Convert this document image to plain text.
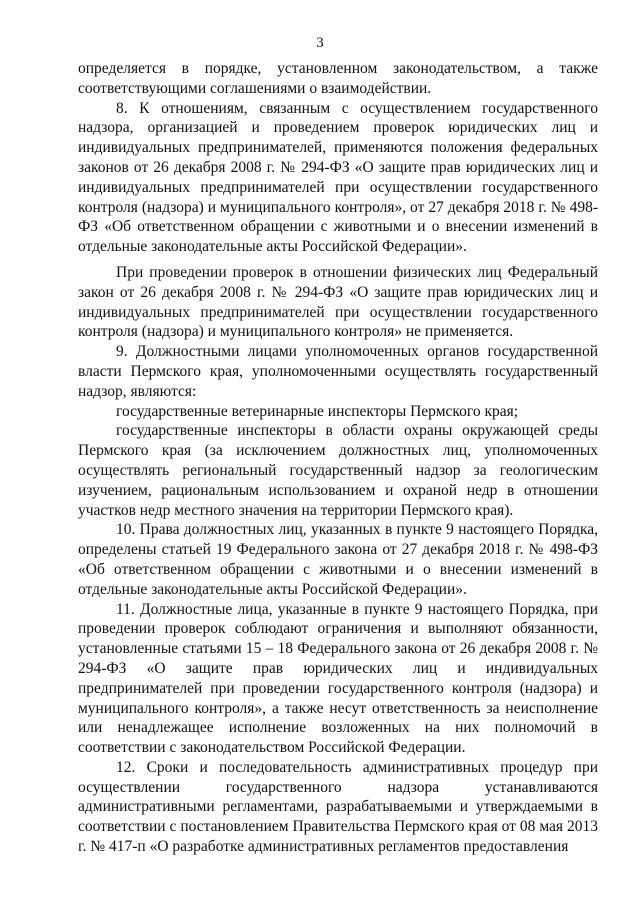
3

определяется в порядке, установленном законодательством, а также соответствующими соглашениями о взаимодействии.

8. К отношениям, связанным с осуществлением государственного надзора, организацией и проведением проверок юридических лиц и индивидуальных предпринимателей, применяются положения федеральных законов от 26 декабря 2008 г. № 294-ФЗ «О защите прав юридических лиц и индивидуальных предпринимателей при осуществлении государственного контроля (надзора) и муниципального контроля», от 27 декабря 2018 г. № 498-ФЗ «Об ответственном обращении с животными и о внесении изменений в отдельные законодательные акты Российской Федерации».

При проведении проверок в отношении физических лиц Федеральный закон от 26 декабря 2008 г. № 294-ФЗ «О защите прав юридических лиц и индивидуальных предпринимателей при осуществлении государственного контроля (надзора) и муниципального контроля» не применяется.

9. Должностными лицами уполномоченных органов государственной власти Пермского края, уполномоченными осуществлять государственный надзор, являются:

государственные ветеринарные инспекторы Пермского края;

государственные инспекторы в области охраны окружающей среды Пермского края (за исключением должностных лиц, уполномоченных осуществлять региональный государственный надзор за геологическим изучением, рациональным использованием и охраной недр в отношении участков недр местного значения на территории Пермского края).

10. Права должностных лиц, указанных в пункте 9 настоящего Порядка, определены статьей 19 Федерального закона от 27 декабря 2018 г. № 498-ФЗ «Об ответственном обращении с животными и о внесении изменений в отдельные законодательные акты Российской Федерации».

11. Должностные лица, указанные в пункте 9 настоящего Порядка, при проведении проверок соблюдают ограничения и выполняют обязанности, установленные статьями 15 – 18 Федерального закона от 26 декабря 2008 г. № 294-ФЗ «О защите прав юридических лиц и индивидуальных предпринимателей при проведении государственного контроля (надзора) и муниципального контроля», а также несут ответственность за неисполнение или ненадлежащее исполнение возложенных на них полномочий в соответствии с законодательством Российской Федерации.

12. Сроки и последовательность административных процедур при осуществлении государственного надзора устанавливаются административными регламентами, разрабатываемыми и утверждаемыми в соответствии с постановлением Правительства Пермского края от 08 мая 2013 г. № 417-п «О разработке административных регламентов предоставления
